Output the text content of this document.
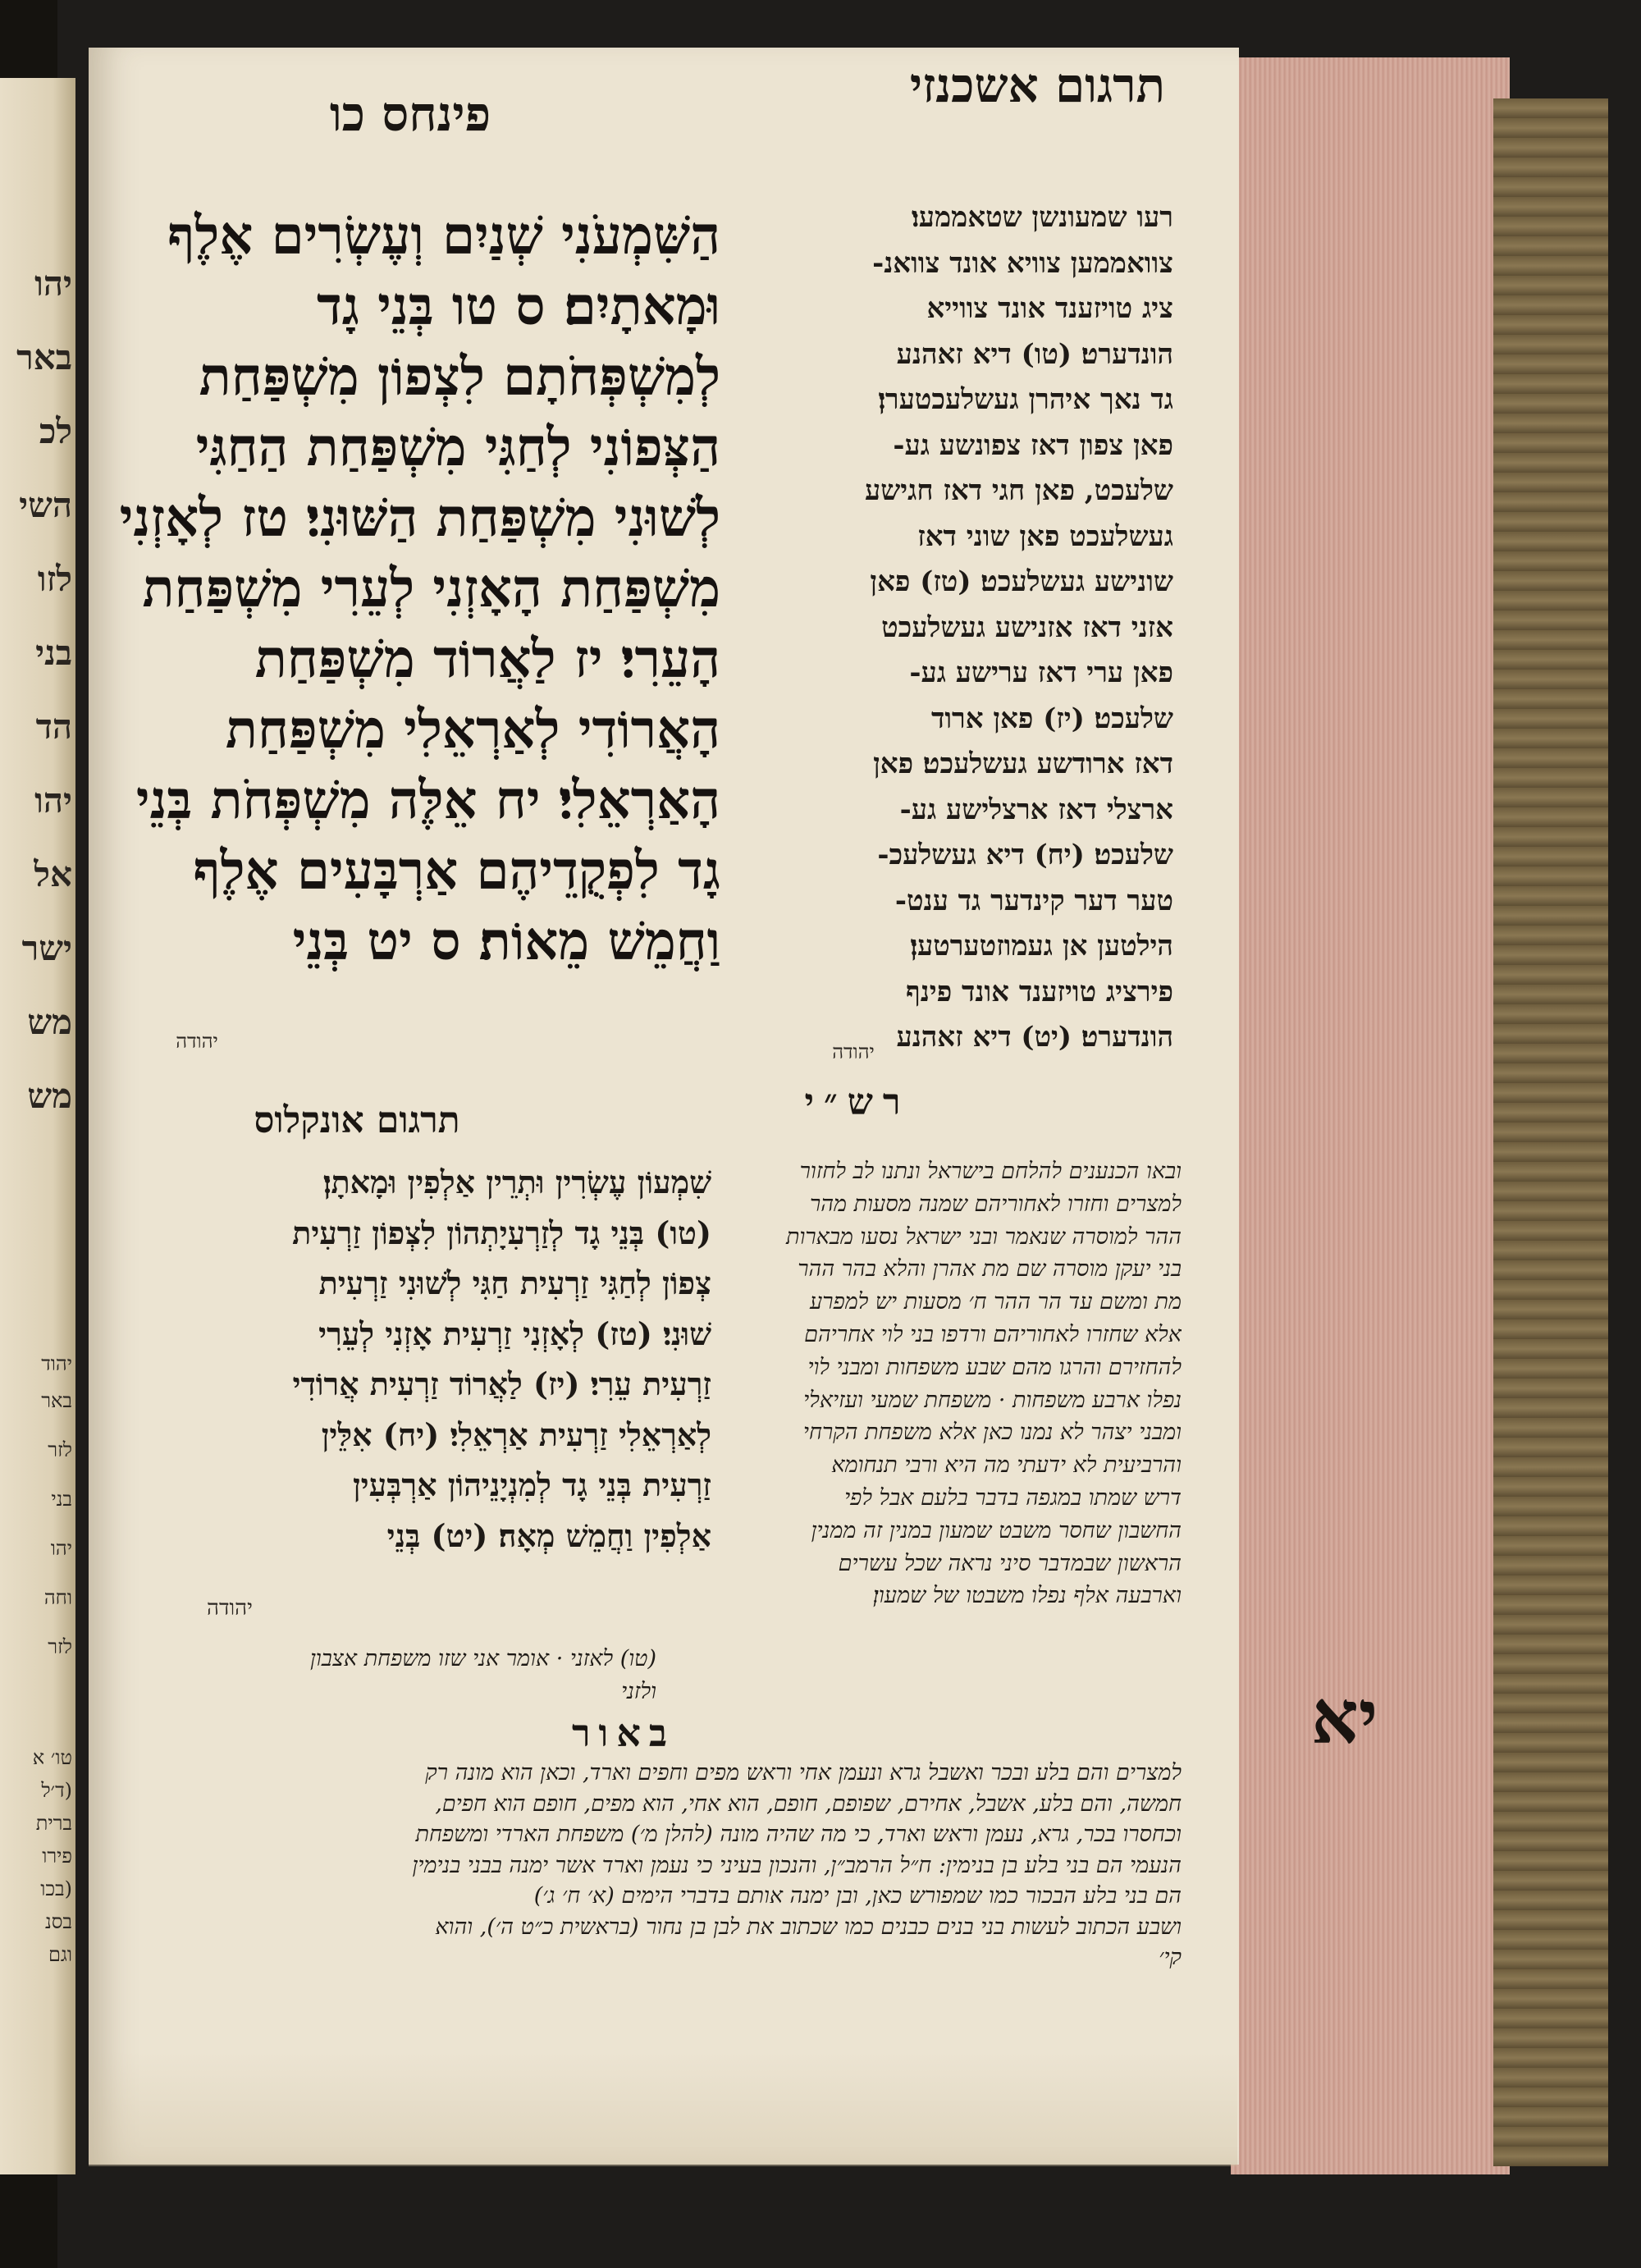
יהו
באר
לכ
השי
לזו
בני
הד
יהו
אל
ישר
מש
מש
יהוד
באר
לזר
בני
יהו
וחה
לזר
טו׳ א
(ד׳ל
ברית
פירו
(בכו
בסנ
וגם
יא
תרגום אשכנזי
פינחס כו
הַשִּׁמְעֹנִי שְׁנַיִם וְעֶשְׂרִים אֶלֶף
וּמָאתָיִם׃ ס טו בְּנֵי גָד
לְמִשְׁפְּחֹתָם לִצְפוֹן מִשְׁפַּחַת
הַצְּפוֹנִי לְחַגִּי מִשְׁפַּחַת הַחַגִּי
לְשׁוּנִי מִשְׁפַּחַת הַשּׁוּנִי׃ טז לְאָזְנִי
מִשְׁפַּחַת הָאָזְנִי לְעֵרִי מִשְׁפַּחַת
הָעֵרִי׃ יז לַאֲרוֹד מִשְׁפַּחַת
הָאֲרוֹדִי לְאַרְאֵלִי מִשְׁפַּחַת
הָאַרְאֵלִי׃ יח אֵלֶּה מִשְׁפְּחֹת בְּנֵי
גָד לִפְקֻדֵיהֶם אַרְבָּעִים אֶלֶף
וַחֲמֵשׁ מֵאוֹת׃ ס יט בְּנֵי
יהודה
רעו שמעונשן שטאממעו׃
צוואממען צוויא אונד צוואנ-
ציג טויזענד אונד צווייא
הונדערט׃ (טו) דיא זאהנע
גד נאך איהרן געשלעכטערן׃
פאן צפון דאז צפונשע גע-
שלעכט, פאן חגי דאז חגישע
געשלעכט פאן שוני דאז
שונישע געשלעכט׃ (טז) פאן
אזני דאז אזנישע געשלעכט
פאן ערי דאז ערישע גע-
שלעכט׃ (יז) פאן ארוד
דאז ארודשע געשלעכט׃ פאן
ארצלי דאז ארצלישע גע-
שלעכט׃ (יח) דיא געשלעכ-
טער דער קינדער גד ענט-
הילטען אן געמוזטערטען׃
פירציג טויזענד אונד פינף
הונדערט׃ (יט) דיא זאהנע
יהודה
רש״י
תרגום אונקלוס
שִׁמְעוֹן עֶשְׂרִין וּתְרֵין אַלְפִין וּמָאתָן׃
(טו) בְּנֵי גָד לְזַרְעִיָתְהוֹן לִצְפוֹן זַרְעִית
צְפוֹן לְחַגִּי זַרְעִית חַגִּי לְשׁוּנִי זַרְעִית
שׁוּנִי׃ (טז) לְאָזְנִי זַרְעִית אָזְנִי לְעֵרִי
זַרְעִית עֵרִי׃ (יז) לַאֲרוֹד זַרְעִית אֲרוֹדִי
לְאַרְאֵלִי זַרְעִית אַרְאֵלִי׃ (יח) אִלֵּין
זַרְעִית בְּנֵי גָד לְמִנְיָנֵיהוֹן אַרְבְּעִין
אַלְפִין וַחֲמֵשׁ מְאָה׃ (יט) בְּנֵי
יהודה
ובאו הכנענים להלחם בישראל ונתנו לב לחזור
למצרים וחזרו לאחוריהם שמנה מסעות מהר
ההר למוסרה שנאמר ובני ישראל נסעו מבארות
בני יעקן מוסרה שם מת אהרן והלא בהר ההר
מת ומשם עד הר ההר ח׳ מסעות יש למפרע
אלא שחזרו לאחוריהם ורדפו בני לוי אחריהם
להחזירם והרגו מהם שבע משפחות ומבני לוי
נפלו ארבע משפחות · משפחת שמעי ועזיאלי
ומבני יצהר לא נמנו כאן אלא משפחת הקרחי
והרביעית לא ידעתי מה היא ורבי תנחומא
דרש שמתו במגפה בדבר בלעם אבל לפי
החשבון שחסר משבט שמעון במנין זה ממנין
הראשון שבמדבר סיני נראה שכל עשרים
וארבעה אלף נפלו משבטו של שמעון׃
(טו) לאזני · אומר אני שזו משפחת אצבון
ולזני
באור
למצרים והם בלע ובכר ואשבל גרא ונעמן אחי וראש מפים וחפים וארד, וכאן הוא מונה רק
חמשה, והם בלע, אשבל, אחירם, שפופם, חופם, הוא אחי, הוא מפים, חופם הוא חפים,
וכחסרו בכר, גרא, נעמן וראש וארד, כי מה שהיה מונה (להלן מ׳) משפחת הארדי ומשפחת
הנעמי הם בני בלע בן בנימין: ח״ל הרמב״ן, והנכון בעיני כי נעמן וארד אשר ימנה בבני בנימין
הם בני בלע הבכור כמו שמפורש כאן, ובן ימנה אותם בדברי הימים (א׳ ח׳ ג׳)
ושבע הכתוב לעשות בני בנים כבנים כמו שכתוב את לבן בן נחור (בראשית כ״ט ה׳), והוא
קי׳
